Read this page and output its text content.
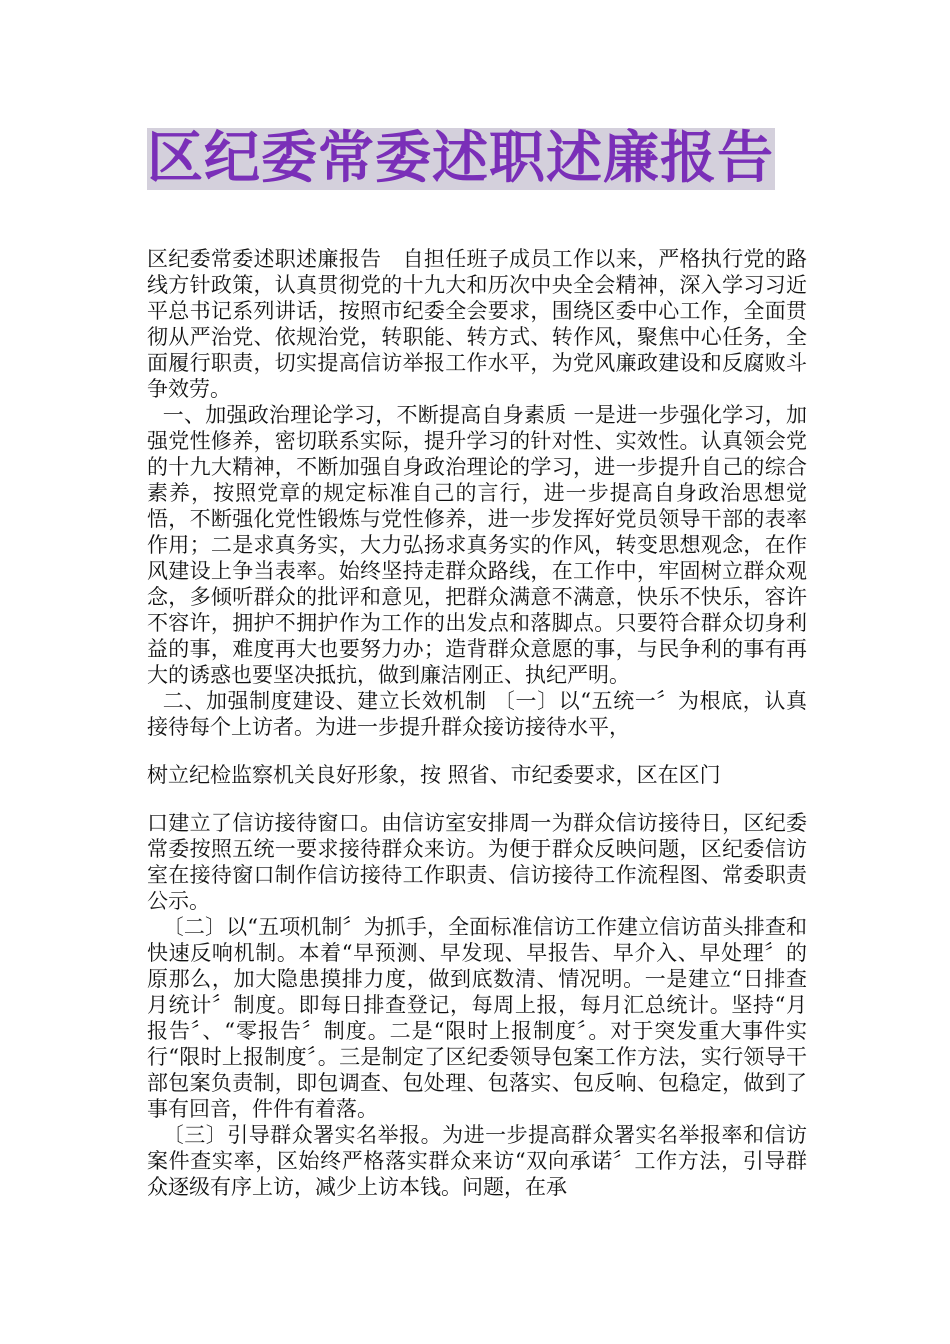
区纪委常委述职述廉报告

区纪委常委述职述廉报告　自担任班子成员工作以来，严格执行党的路线方针政策，认真贯彻党的十九大和历次中央全会精神，深入学习习近平总书记系列讲话，按照市纪委全会要求，围绕区委中心工作，全面贯彻从严治党、依规治党，转职能、转方式、转作风，聚焦中心任务，全面履行职责，切实提高信访举报工作水平，为党风廉政建设和反腐败斗争效劳。

一、加强政治理论学习，不断提高自身素质 一是进一步强化学习，加强党性修养，密切联系实际，提升学习的针对性、实效性。认真领会党的十九大精神，不断加强自身政治理论的学习，进一步提升自己的综合素养，按照党章的规定标准自己的言行，进一步提高自身政治思想觉悟，不断强化党性锻炼与党性修养，进一步发挥好党员领导干部的表率作用；二是求真务实，大力弘扬求真务实的作风，转变思想观念，在作风建设上争当表率。始终坚持走群众路线，在工作中，牢固树立群众观念，多倾听群众的批评和意见，把群众满意不满意，快乐不快乐，容许不容许，拥护不拥护作为工作的出发点和落脚点。只要符合群众切身利益的事，难度再大也要努力办；造背群众意愿的事，与民争利的事有再大的诱惑也要坚决抵抗，做到廉洁刚正、执纪严明。

二、加强制度建设、建立长效机制 〔一〕以“五统一〞为根底，认真接待每个上访者。为进一步提升群众接访接待水平，

树立纪检监察机关良好形象，按 照省、市纪委要求，区在区门

口建立了信访接待窗口。由信访室安排周一为群众信访接待日，区纪委常委按照五统一要求接待群众来访。为便于群众反映问题，区纪委信访室在接待窗口制作信访接待工作职责、信访接待工作流程图、常委职责公示。

〔二〕以“五项机制〞为抓手，全面标准信访工作建立信访苗头排查和快速反响机制。本着“早预测、早发现、早报告、早介入、早处理〞的原那么，加大隐患摸排力度，做到底数清、情况明。一是建立“日排查月统计〞制度。即每日排查登记，每周上报，每月汇总统计。坚持“月报告〞、“零报告〞制度。二是“限时上报制度〞。对于突发重大事件实行“限时上报制度〞。三是制定了区纪委领导包案工作方法，实行领导干部包案负责制，即包调查、包处理、包落实、包反响、包稳定，做到了事有回音，件件有着落。

〔三〕引导群众署实名举报。为进一步提高群众署实名举报率和信访案件查实率，区始终严格落实群众来访“双向承诺〞工作方法，引导群众逐级有序上访，减少上访本钱。问题，在承
